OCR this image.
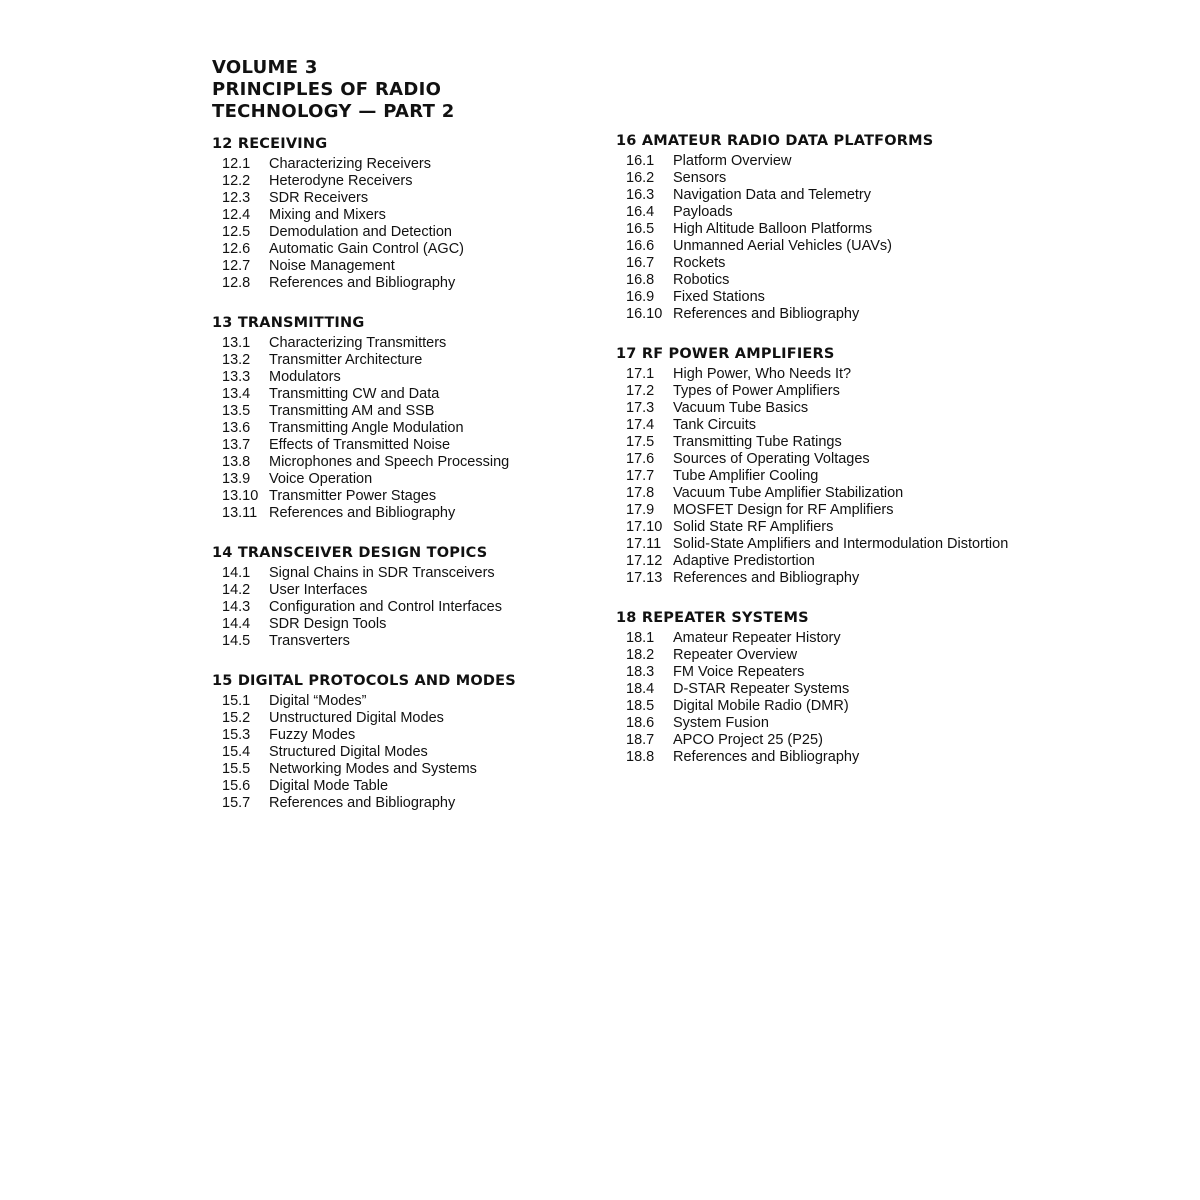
VOLUME 3
PRINCIPLES OF RADIO
TECHNOLOGY — PART 2
12 RECEIVING
12.1 Characterizing Receivers
12.2 Heterodyne Receivers
12.3 SDR Receivers
12.4 Mixing and Mixers
12.5 Demodulation and Detection
12.6 Automatic Gain Control (AGC)
12.7 Noise Management
12.8 References and Bibliography
13 TRANSMITTING
13.1 Characterizing Transmitters
13.2 Transmitter Architecture
13.3 Modulators
13.4 Transmitting CW and Data
13.5 Transmitting AM and SSB
13.6 Transmitting Angle Modulation
13.7 Effects of Transmitted Noise
13.8 Microphones and Speech Processing
13.9 Voice Operation
13.10 Transmitter Power Stages
13.11 References and Bibliography
14 TRANSCEIVER DESIGN TOPICS
14.1 Signal Chains in SDR Transceivers
14.2 User Interfaces
14.3 Configuration and Control Interfaces
14.4 SDR Design Tools
14.5 Transverters
15 DIGITAL PROTOCOLS AND MODES
15.1 Digital “Modes”
15.2 Unstructured Digital Modes
15.3 Fuzzy Modes
15.4 Structured Digital Modes
15.5 Networking Modes and Systems
15.6 Digital Mode Table
15.7 References and Bibliography
16 AMATEUR RADIO DATA PLATFORMS
16.1 Platform Overview
16.2 Sensors
16.3 Navigation Data and Telemetry
16.4 Payloads
16.5 High Altitude Balloon Platforms
16.6 Unmanned Aerial Vehicles (UAVs)
16.7 Rockets
16.8 Robotics
16.9 Fixed Stations
16.10 References and Bibliography
17 RF POWER AMPLIFIERS
17.1 High Power, Who Needs It?
17.2 Types of Power Amplifiers
17.3 Vacuum Tube Basics
17.4 Tank Circuits
17.5 Transmitting Tube Ratings
17.6 Sources of Operating Voltages
17.7 Tube Amplifier Cooling
17.8 Vacuum Tube Amplifier Stabilization
17.9 MOSFET Design for RF Amplifiers
17.10 Solid State RF Amplifiers
17.11 Solid-State Amplifiers and Intermodulation Distortion
17.12 Adaptive Predistortion
17.13 References and Bibliography
18 REPEATER SYSTEMS
18.1 Amateur Repeater History
18.2 Repeater Overview
18.3 FM Voice Repeaters
18.4 D-STAR Repeater Systems
18.5 Digital Mobile Radio (DMR)
18.6 System Fusion
18.7 APCO Project 25 (P25)
18.8 References and Bibliography
